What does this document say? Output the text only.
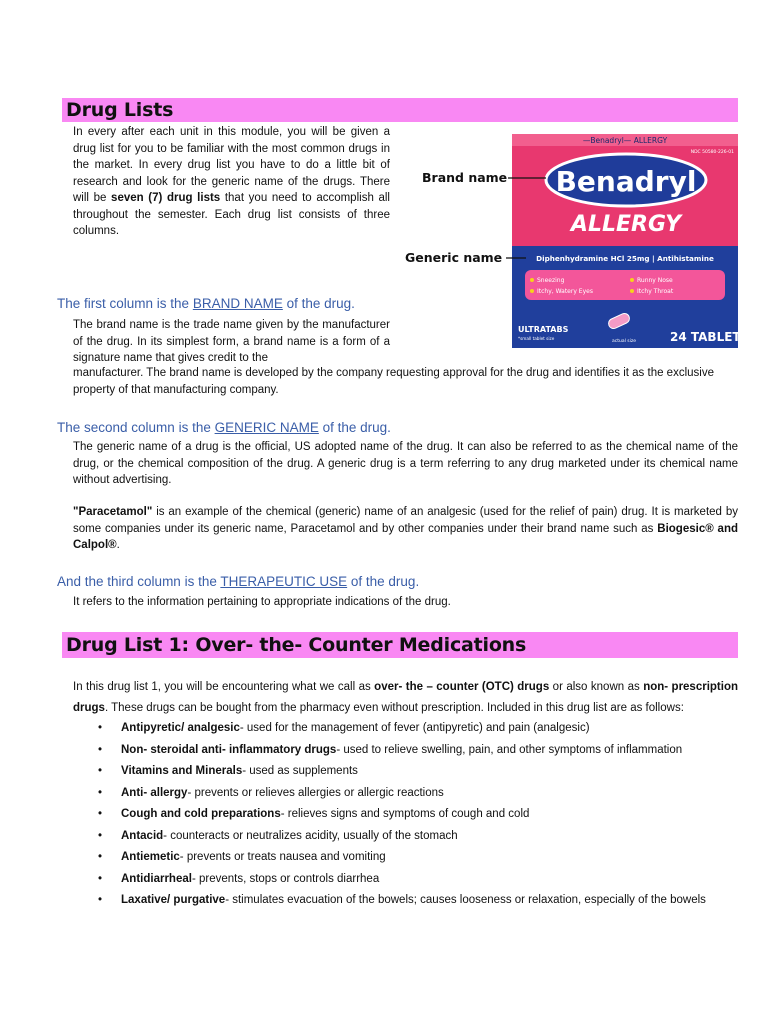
Drug Lists
In every after each unit in this module, you will be given a drug list for you to be familiar with the most common drugs in the market. In every drug list you have to do a little bit of research and look for the generic name of the drugs. There will be seven (7) drug lists that you need to accomplish all throughout the semester. Each drug list consists of three columns.
—Benadryl— ALLERGY
NDC 50580-226-01
Benadryl
ALLERGY
Diphenhydramine HCl 25mg | Antihistamine
Sneezing	Runny Nose
Itchy, Watery Eyes	Itchy Throat
ULTRATABS
*small tablet size
actual size	24 TABLETS
Brand name
Generic name
The first column is the BRAND NAME of the drug.
The brand name is the trade name given by the manufacturer of the drug. In its simplest form, a brand name is a form of a signature name that gives credit to the
manufacturer. The brand name is developed by the company requesting approval for the drug and identifies it as the exclusive property of that manufacturing company.
The second column is the GENERIC NAME of the drug.
The generic name of a drug is the official, US adopted name of the drug. It can also be referred to as the chemical name of the drug, or the chemical composition of the drug. A generic drug is a term referring to any drug marketed under its chemical name without advertising.
"Paracetamol" is an example of the chemical (generic) name of an analgesic (used for the relief of pain) drug. It is marketed by some companies under its generic name, Paracetamol and by other companies under their brand name such as Biogesic® and Calpol®.
And the third column is the THERAPEUTIC USE of the drug.
It refers to the information pertaining to appropriate indications of the drug.
Drug List 1: Over- the- Counter Medications
In this drug list 1, you will be encountering what we call as over- the – counter (OTC) drugs or also known as non- prescription drugs. These drugs can be bought from the pharmacy even without prescription. Included in this drug list are as follows:
• Antipyretic/ analgesic- used for the management of fever (antipyretic) and pain (analgesic)
• Non- steroidal anti- inflammatory drugs- used to relieve swelling, pain, and other symptoms of inflammation
• Vitamins and Minerals- used as supplements
• Anti- allergy- prevents or relieves allergies or allergic reactions
• Cough and cold preparations- relieves signs and symptoms of cough and cold
• Antacid- counteracts or neutralizes acidity, usually of the stomach
• Antiemetic- prevents or treats nausea and vomiting
• Antidiarrheal- prevents, stops or controls diarrhea
• Laxative/ purgative- stimulates evacuation of the bowels; causes looseness or relaxation, especially of the bowels
